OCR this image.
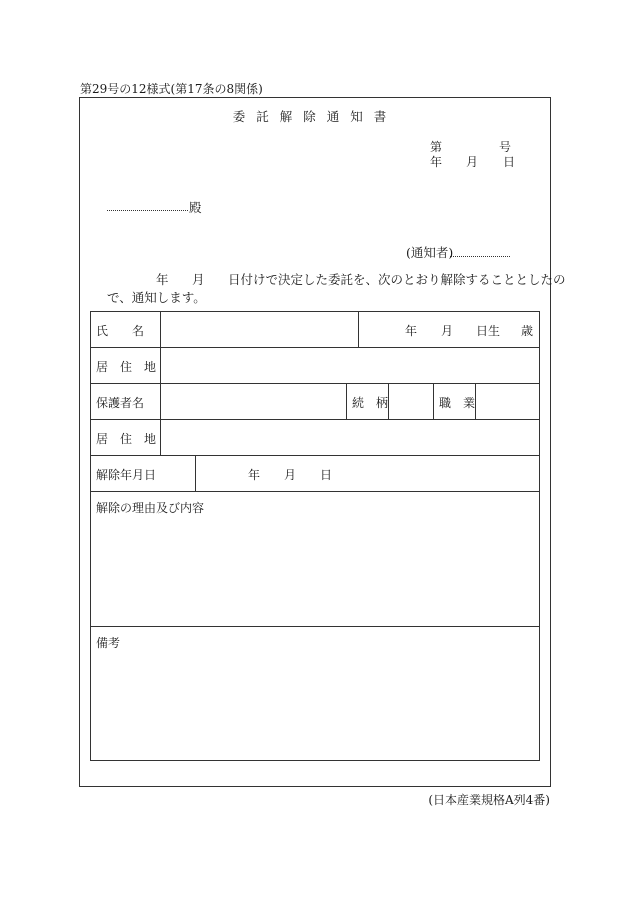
第29号の12様式(第17条の8関係)
委託解除通知書
第	号
年 月 日
殿
(通知者)
年 月 日付けで決定した委託を、次のとおり解除することとしたの
で、通知します。
氏　　名	年 月 日生 歳
居　住　地
保護者名	続　柄	職　業
居　住　地
解除年月日	年 月 日
解除の理由及び内容
備考
(日本産業規格A列4番)
